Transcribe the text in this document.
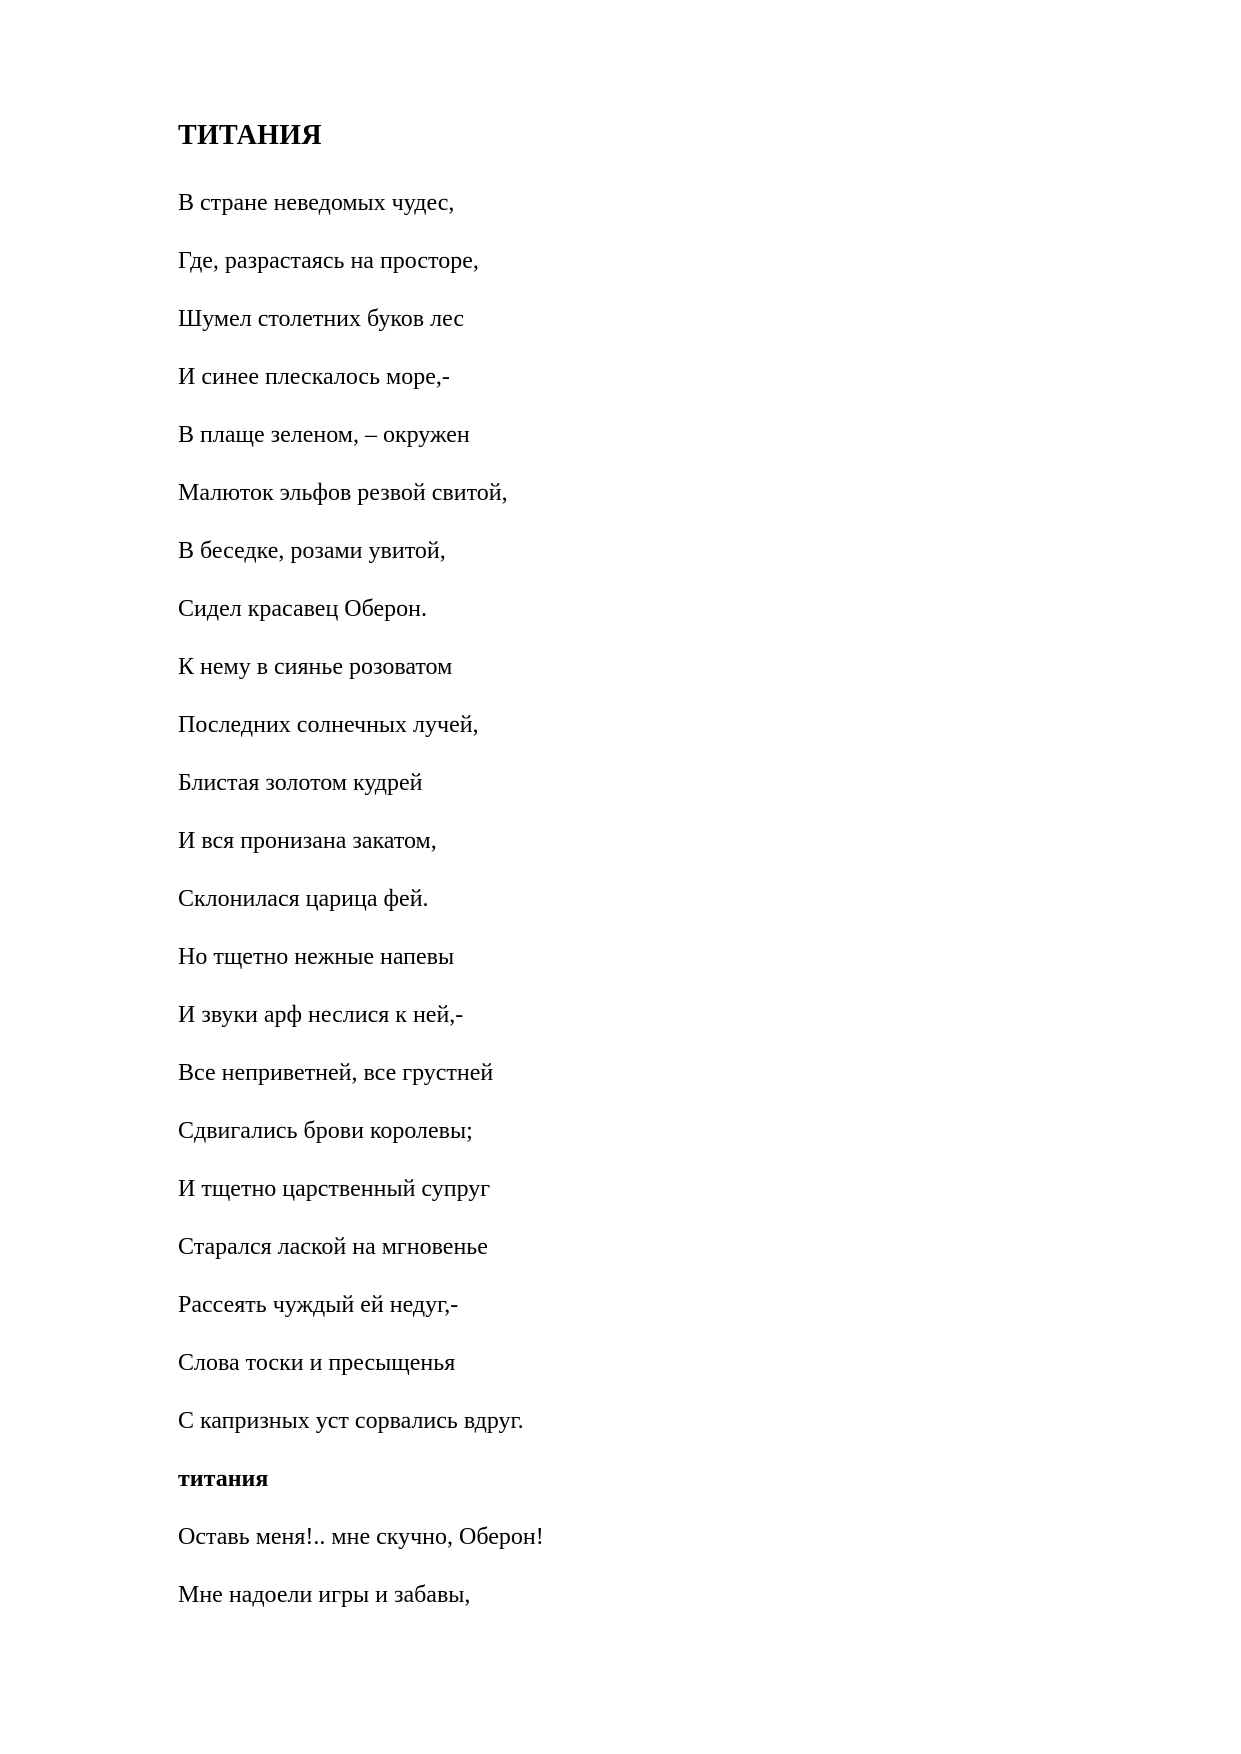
ТИТАНИЯ
В стране неведомых чудес,
Где, разрастаясь на просторе,
Шумел столетних буков лес
И синее плескалось море,-
В плаще зеленом, – окружен
Малюток эльфов резвой свитой,
В беседке, розами увитой,
Сидел красавец Оберон.
К нему в сиянье розоватом
Последних солнечных лучей,
Блистая золотом кудрей
И вся пронизана закатом,
Склонилася царица фей.
Но тщетно нежные напевы
И звуки арф неслися к ней,-
Все неприветней, все грустней
Сдвигались брови королевы;
И тщетно царственный супруг
Старался лаской на мгновенье
Рассеять чуждый ей недуг,-
Слова тоски и пресыщенья
С капризных уст сорвались вдруг.
титания
Оставь меня!.. мне скучно, Оберон!
Мне надоели игры и забавы,
